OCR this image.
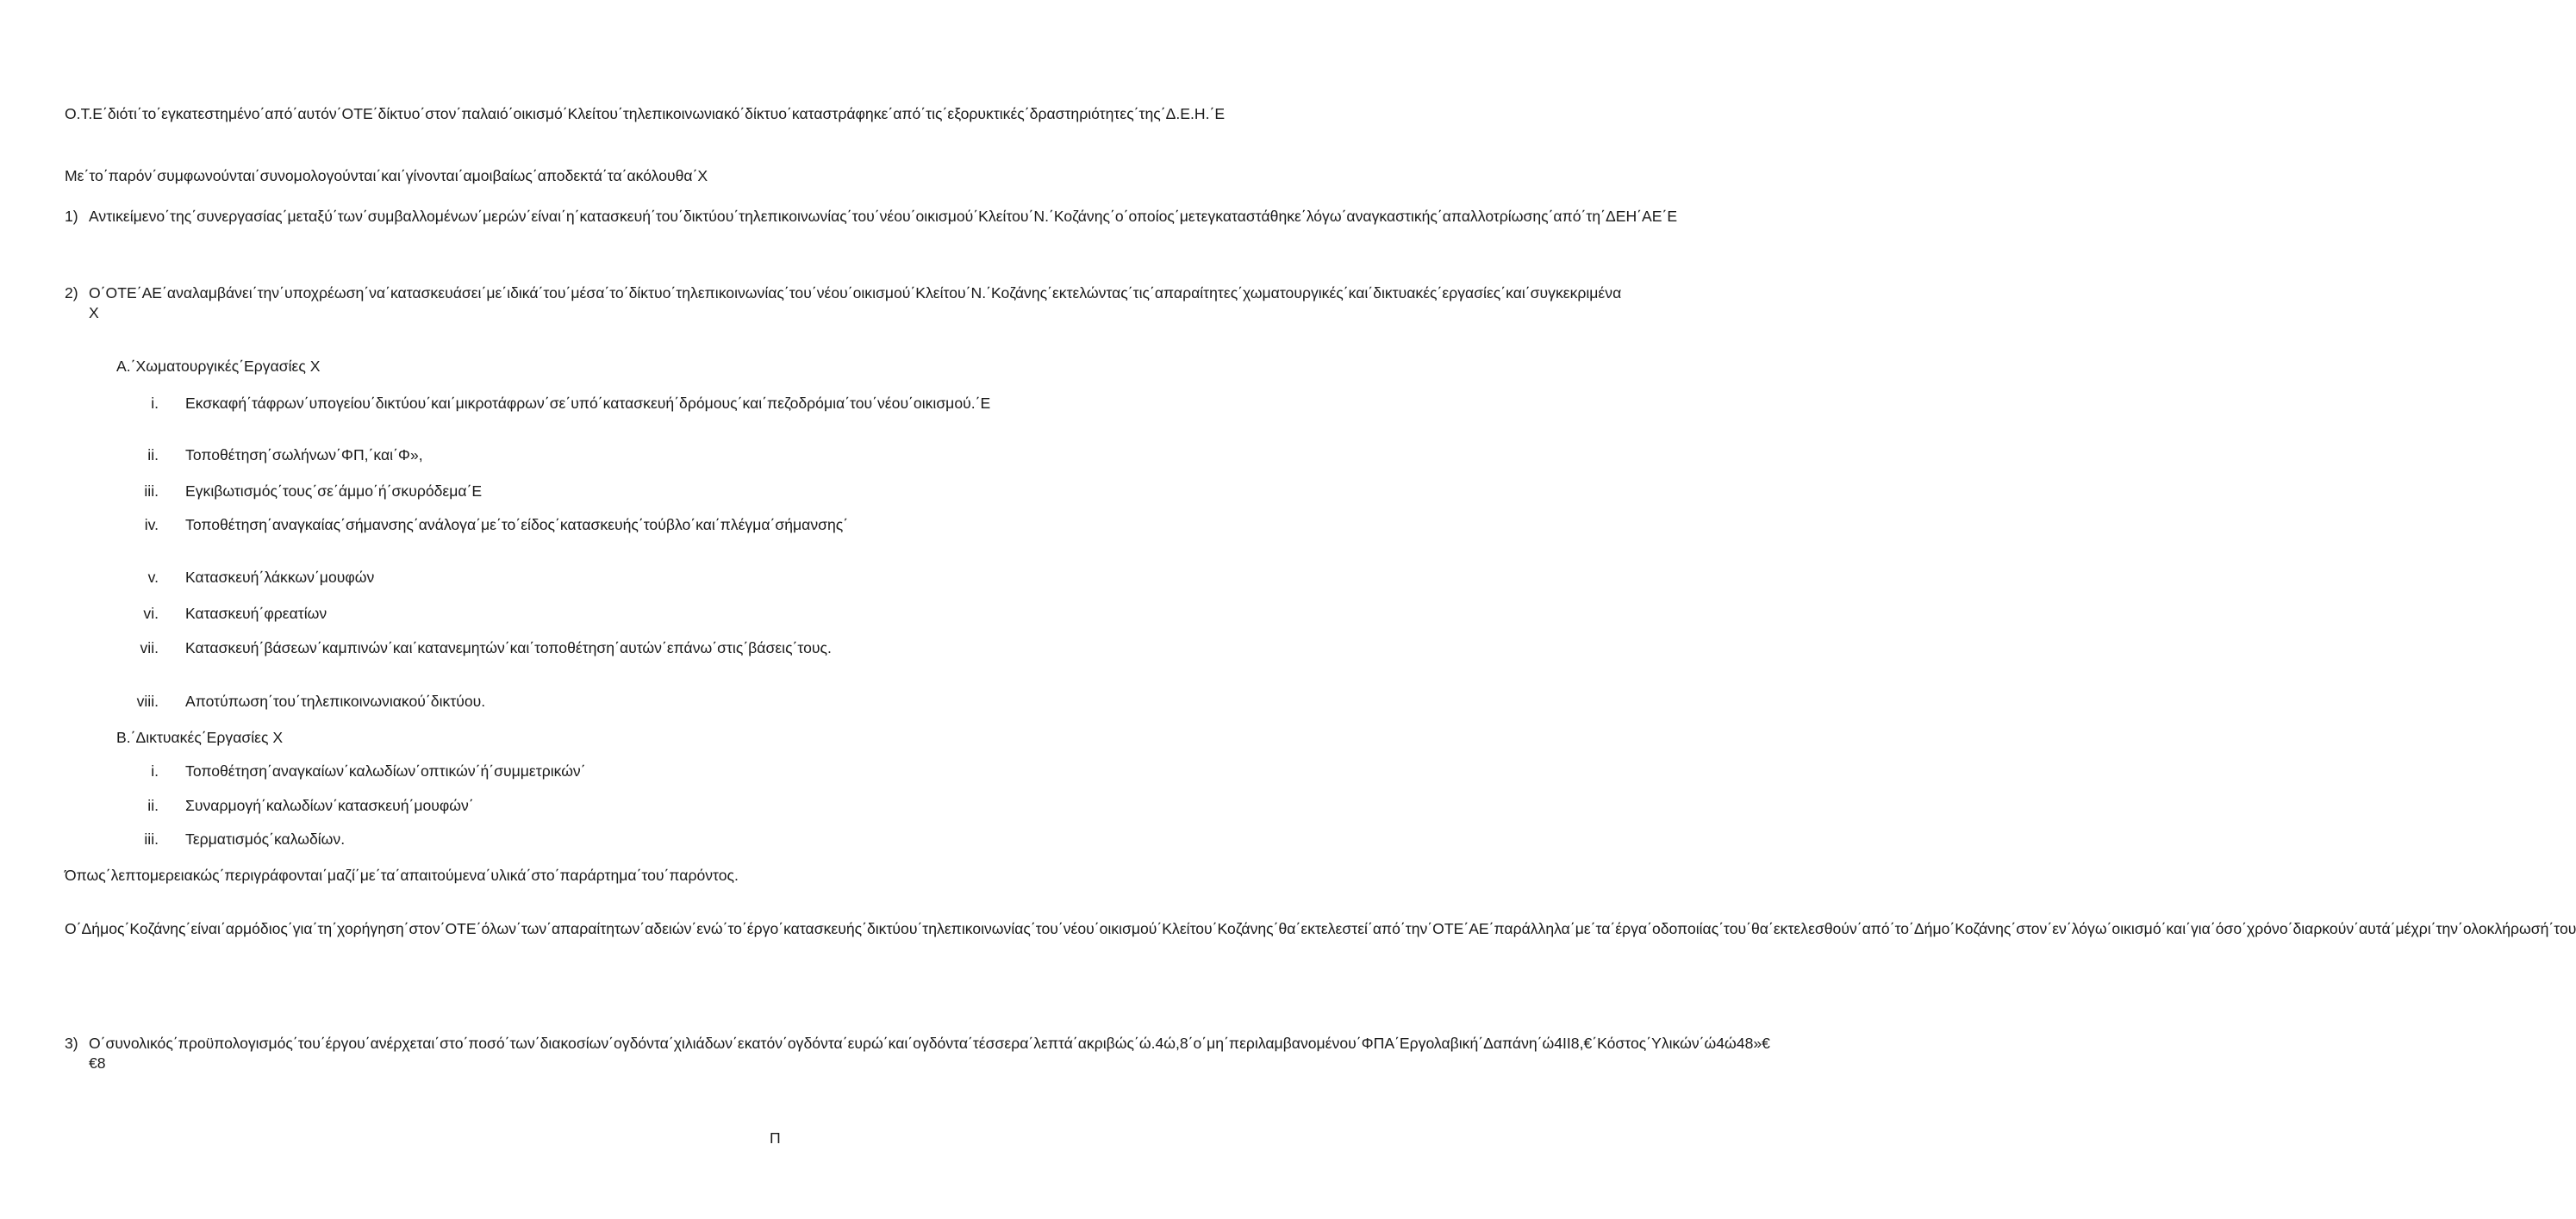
Ο.Τ.Ε΄διότι΄το΄εγκατεστημένο΄από΄αυτόν΄ΟΤΕ΄δίκτυο΄στον΄παλαιό΄οικισμό΄Κλείτου΄τηλεπικοινωνιακό΄δίκτυο΄καταστράφηκε΄από΄τις΄εξορυκτικές΄δραστηριότητες΄της΄Δ.Ε.Η.΄Ε

Με΄το΄παρόν΄συμφωνούνται΄συνομολογούνται΄και΄γίνονται΄αμοιβαίως΄αποδεκτά΄τα΄ακόλουθα΄X

1) Αντικείμενο΄της΄συνεργασίας΄μεταξύ΄των΄συμβαλλομένων΄μερών΄είναι΄η΄κατασκευή΄του΄δικτύου΄τηλεπικοινωνίας΄του΄νέου΄οικισμού΄Κλείτου΄Ν.΄Κοζάνης΄ο΄οποίος΄μετεγκαταστάθηκε΄λόγω΄αναγκαστικής΄απαλλοτρίωσης΄από΄τη΄ΔΕΗ΄ΑΕ΄Ε

2) Ο΄ΟΤΕ΄ΑΕ΄αναλαμβάνει΄την΄υποχρέωση΄να΄κατασκευάσει΄με΄ιδικά΄του΄μέσα΄το΄δίκτυο΄τηλεπικοινωνίας΄του΄νέου΄οικισμού΄Κλείτου΄Ν.΄Κοζάνης΄εκτελώντας΄τις΄απαραίτητες΄χωματουργικές΄και΄δικτυακές΄εργασίες΄και΄συγκεκριμένα X

Α.΄Χωματουργικές΄Εργασίες X

i. Εκσκαφή΄τάφρων΄υπογείου΄δικτύου΄και΄μικροτάφρων΄σε΄υπό΄κατασκευή΄δρόμους΄και΄πεζοδρόμια΄του΄νέου΄οικισμού.΄Ε

ii. Τοποθέτηση΄σωλήνων΄ΦΠ,΄και΄Φ»,

iii. Εγκιβωτισμός΄τους΄σε΄άμμο΄ή΄σκυρόδεμα΄Ε

iv. Τοποθέτηση΄αναγκαίας΄σήμανσης΄ανάλογα΄με΄το΄είδος΄κατασκευής΄τούβλο΄και΄πλέγμα΄σήμανσης΄

v. Κατασκευή΄λάκκων΄μουφών

vi. Κατασκευή΄φρεατίων

vii. Κατασκευή΄βάσεων΄καμπινών΄και΄κατανεμητών΄και΄τοποθέτηση΄αυτών΄επάνω΄στις΄βάσεις΄τους.

viii. Αποτύπωση΄του΄τηλεπικοινωνιακού΄δικτύου.

Β.΄Δικτυακές΄Εργασίες X

i. Τοποθέτηση΄αναγκαίων΄καλωδίων΄οπτικών΄ή΄συμμετρικών΄

ii. Συναρμογή΄καλωδίων΄κατασκευή΄μουφών΄

iii. Τερματισμός΄καλωδίων.

Όπως΄λεπτομερειακώς΄περιγράφονται΄μαζί΄με΄τα΄απαιτούμενα΄υλικά΄στο΄παράρτημα΄του΄παρόντος.

Ο΄Δήμος΄Κοζάνης΄είναι΄αρμόδιος΄για΄τη΄χορήγηση΄στον΄ΟΤΕ΄όλων΄των΄απαραίτητων΄αδειών΄ενώ΄το΄έργο΄κατασκευής΄δικτύου΄τηλεπικοινωνίας΄του΄νέου΄οικισμού΄Κλείτου΄Κοζάνης΄θα΄εκτελεστεί΄από΄την΄ΟΤΕ΄ΑΕ΄παράλληλα΄με΄τα΄έργα΄οδοποιίας΄του΄θα΄εκτελεσθούν΄από΄το΄Δήμο΄Κοζάνης΄στον΄εν΄λόγω΄οικισμό΄και΄για΄όσο΄χρόνο΄διαρκούν΄αυτά΄μέχρι΄την΄ολοκλήρωσή΄του

3) Ο΄συνολικός΄προϋπολογισμός΄του΄έργου΄ανέρχεται΄στο΄ποσό΄των΄διακοσίων΄ογδόντα΄χιλιάδων΄εκατόν΄ογδόντα΄ευρώ΄και΄ογδόντα΄τέσσερα΄λεπτά΄ακριβώς΄ώ.4ώ,8΄ο΄μη΄περιλαμβανομένου΄ΦΠΑ΄Εργολαβική΄Δαπάνη΄ώ4ΙΙ8,€΄Κόστος΄Υλικών΄ώ4ώ48»€€8

Π
